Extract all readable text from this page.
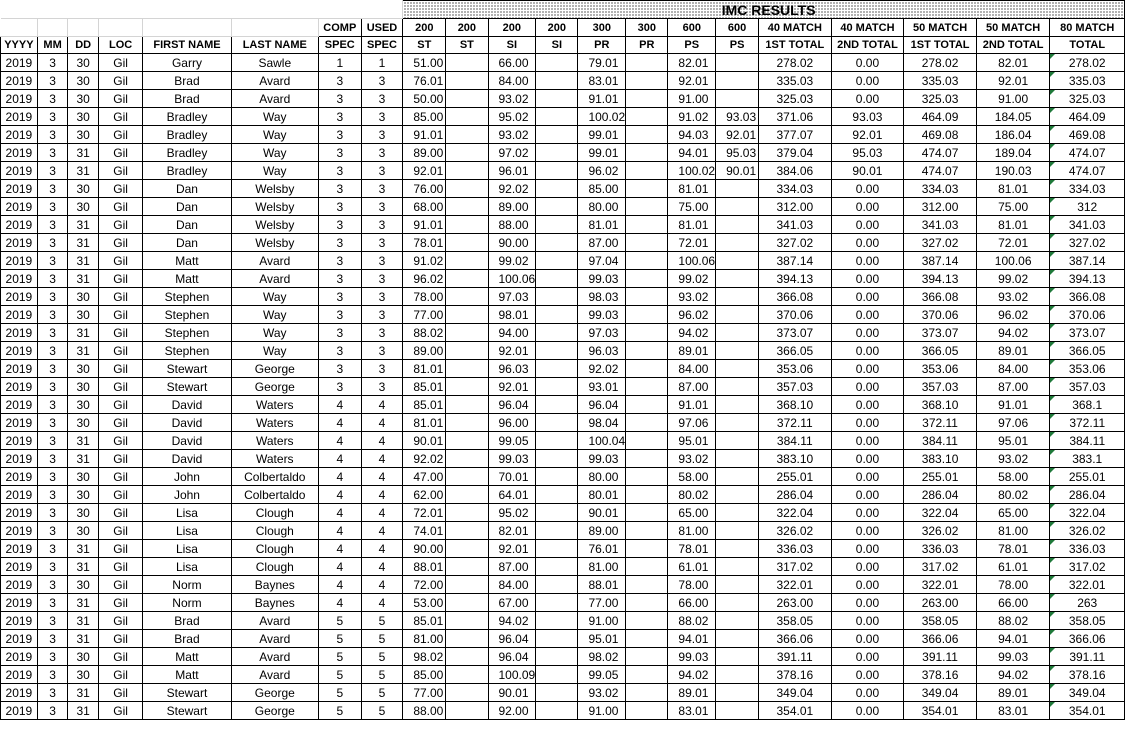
								IMC RESULTS												
						COMP	USED	200	200	200	200	300	300	600	600	40 MATCH	40 MATCH	50 MATCH	50 MATCH	80 MATCH
YYYY	MM	DD	LOC	FIRST NAME	LAST NAME	SPEC	SPEC	ST	ST	SI	SI	PR	PR	PS	PS	1ST TOTAL	2ND TOTAL	1ST TOTAL	2ND TOTAL	TOTAL
2019	3	30	Gil	Garry	Sawle	1	1	51.00		66.00		79.01		82.01		278.02	0.00	278.02	82.01	278.02
2019	3	30	Gil	Brad	Avard	3	3	76.01		84.00		83.01		92.01		335.03	0.00	335.03	92.01	335.03
2019	3	30	Gil	Brad	Avard	3	3	50.00		93.02		91.01		91.00		325.03	0.00	325.03	91.00	325.03
2019	3	30	Gil	Bradley	Way	3	3	85.00		95.02		100.02		91.02	93.03	371.06	93.03	464.09	184.05	464.09
2019	3	30	Gil	Bradley	Way	3	3	91.01		93.02		99.01		94.03	92.01	377.07	92.01	469.08	186.04	469.08
2019	3	31	Gil	Bradley	Way	3	3	89.00		97.02		99.01		94.01	95.03	379.04	95.03	474.07	189.04	474.07
2019	3	31	Gil	Bradley	Way	3	3	92.01		96.01		96.02		100.02	90.01	384.06	90.01	474.07	190.03	474.07
2019	3	30	Gil	Dan	Welsby	3	3	76.00		92.02		85.00		81.01		334.03	0.00	334.03	81.01	334.03
2019	3	30	Gil	Dan	Welsby	3	3	68.00		89.00		80.00		75.00		312.00	0.00	312.00	75.00	312
2019	3	31	Gil	Dan	Welsby	3	3	91.01		88.00		81.01		81.01		341.03	0.00	341.03	81.01	341.03
2019	3	31	Gil	Dan	Welsby	3	3	78.01		90.00		87.00		72.01		327.02	0.00	327.02	72.01	327.02
2019	3	31	Gil	Matt	Avard	3	3	91.02		99.02		97.04		100.06		387.14	0.00	387.14	100.06	387.14
2019	3	31	Gil	Matt	Avard	3	3	96.02		100.06		99.03		99.02		394.13	0.00	394.13	99.02	394.13
2019	3	30	Gil	Stephen	Way	3	3	78.00		97.03		98.03		93.02		366.08	0.00	366.08	93.02	366.08
2019	3	30	Gil	Stephen	Way	3	3	77.00		98.01		99.03		96.02		370.06	0.00	370.06	96.02	370.06
2019	3	31	Gil	Stephen	Way	3	3	88.02		94.00		97.03		94.02		373.07	0.00	373.07	94.02	373.07
2019	3	31	Gil	Stephen	Way	3	3	89.00		92.01		96.03		89.01		366.05	0.00	366.05	89.01	366.05
2019	3	30	Gil	Stewart	George	3	3	81.01		96.03		92.02		84.00		353.06	0.00	353.06	84.00	353.06
2019	3	30	Gil	Stewart	George	3	3	85.01		92.01		93.01		87.00		357.03	0.00	357.03	87.00	357.03
2019	3	30	Gil	David	Waters	4	4	85.01		96.04		96.04		91.01		368.10	0.00	368.10	91.01	368.1
2019	3	30	Gil	David	Waters	4	4	81.01		96.00		98.04		97.06		372.11	0.00	372.11	97.06	372.11
2019	3	31	Gil	David	Waters	4	4	90.01		99.05		100.04		95.01		384.11	0.00	384.11	95.01	384.11
2019	3	31	Gil	David	Waters	4	4	92.02		99.03		99.03		93.02		383.10	0.00	383.10	93.02	383.1
2019	3	30	Gil	John	Colbertaldo	4	4	47.00		70.01		80.00		58.00		255.01	0.00	255.01	58.00	255.01
2019	3	30	Gil	John	Colbertaldo	4	4	62.00		64.01		80.01		80.02		286.04	0.00	286.04	80.02	286.04
2019	3	30	Gil	Lisa	Clough	4	4	72.01		95.02		90.01		65.00		322.04	0.00	322.04	65.00	322.04
2019	3	30	Gil	Lisa	Clough	4	4	74.01		82.01		89.00		81.00		326.02	0.00	326.02	81.00	326.02
2019	3	31	Gil	Lisa	Clough	4	4	90.00		92.01		76.01		78.01		336.03	0.00	336.03	78.01	336.03
2019	3	31	Gil	Lisa	Clough	4	4	88.01		87.00		81.00		61.01		317.02	0.00	317.02	61.01	317.02
2019	3	30	Gil	Norm	Baynes	4	4	72.00		84.00		88.01		78.00		322.01	0.00	322.01	78.00	322.01
2019	3	31	Gil	Norm	Baynes	4	4	53.00		67.00		77.00		66.00		263.00	0.00	263.00	66.00	263
2019	3	31	Gil	Brad	Avard	5	5	85.01		94.02		91.00		88.02		358.05	0.00	358.05	88.02	358.05
2019	3	31	Gil	Brad	Avard	5	5	81.00		96.04		95.01		94.01		366.06	0.00	366.06	94.01	366.06
2019	3	30	Gil	Matt	Avard	5	5	98.02		96.04		98.02		99.03		391.11	0.00	391.11	99.03	391.11
2019	3	30	Gil	Matt	Avard	5	5	85.00		100.09		99.05		94.02		378.16	0.00	378.16	94.02	378.16
2019	3	31	Gil	Stewart	George	5	5	77.00		90.01		93.02		89.01		349.04	0.00	349.04	89.01	349.04
2019	3	31	Gil	Stewart	George	5	5	88.00		92.00		91.00		83.01		354.01	0.00	354.01	83.01	354.01
